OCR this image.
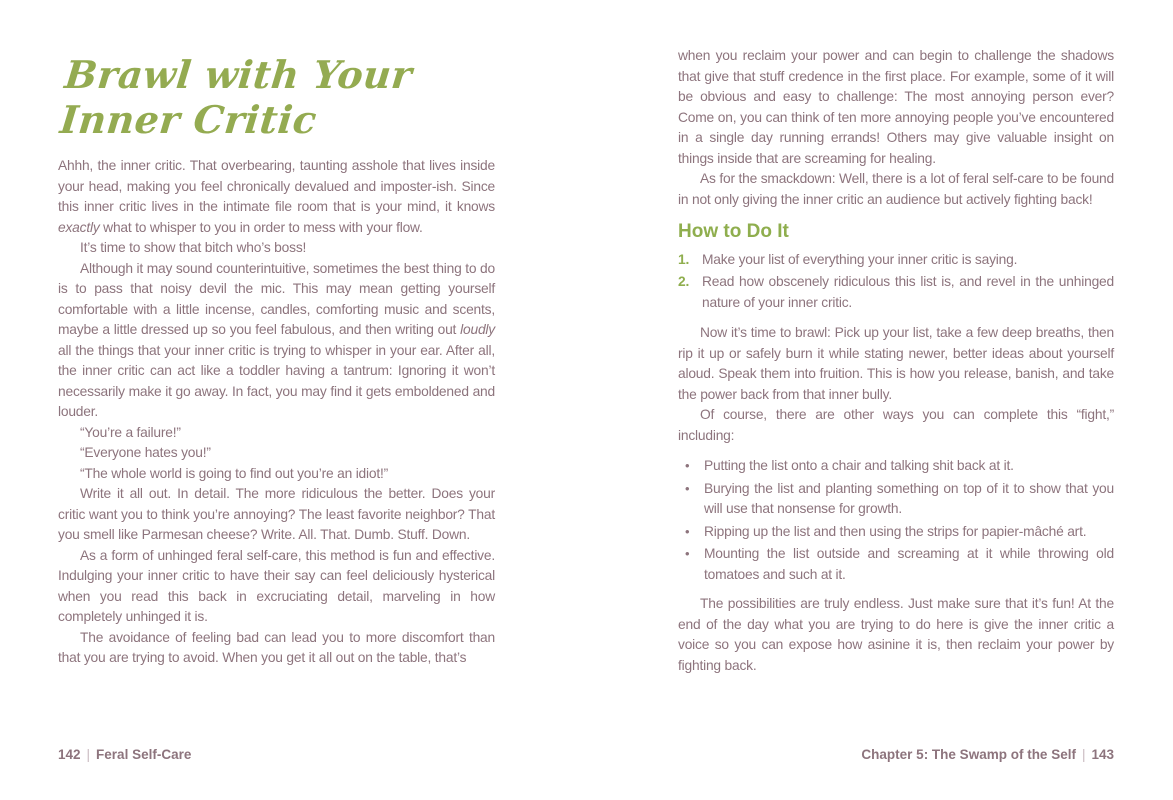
Brawl with Your
Inner Critic

Ahhh, the inner critic. That overbearing, taunting asshole that lives inside your head, making you feel chronically devalued and imposter-ish. Since this inner critic lives in the intimate file room that is your mind, it knows exactly what to whisper to you in order to mess with your flow.

It’s time to show that bitch who’s boss!

Although it may sound counterintuitive, sometimes the best thing to do is to pass that noisy devil the mic. This may mean getting yourself comfortable with a little incense, candles, comforting music and scents, maybe a little dressed up so you feel fabulous, and then writing out loudly all the things that your inner critic is trying to whisper in your ear. After all, the inner critic can act like a toddler having a tantrum: Ignoring it won’t necessarily make it go away. In fact, you may find it gets emboldened and louder.

“You’re a failure!”

“Everyone hates you!”

“The whole world is going to find out you’re an idiot!”

Write it all out. In detail. The more ridiculous the better. Does your critic want you to think you’re annoying? The least favorite neighbor? That you smell like Parmesan cheese? Write. All. That. Dumb. Stuff. Down.

As a form of unhinged feral self-care, this method is fun and effective. Indulging your inner critic to have their say can feel deliciously hysterical when you read this back in excruciating detail, marveling in how completely unhinged it is.

The avoidance of feeling bad can lead you to more discomfort than that you are trying to avoid. When you get it all out on the table, that’s

when you reclaim your power and can begin to challenge the shadows that give that stuff credence in the first place. For example, some of it will be obvious and easy to challenge: The most annoying person ever? Come on, you can think of ten more annoying people you’ve encountered in a single day running errands! Others may give valuable insight on things inside that are screaming for healing.

As for the smackdown: Well, there is a lot of feral self-care to be found in not only giving the inner critic an audience but actively fighting back!

How to Do It
1. Make your list of everything your inner critic is saying.
2. Read how obscenely ridiculous this list is, and revel in the unhinged nature of your inner critic.

Now it’s time to brawl: Pick up your list, take a few deep breaths, then rip it up or safely burn it while stating newer, better ideas about yourself aloud. Speak them into fruition. This is how you release, banish, and take the power back from that inner bully.

Of course, there are other ways you can complete this “fight,” including:

•	Putting the list onto a chair and talking shit back at it.
•	Burying the list and planting something on top of it to show that you will use that nonsense for growth.
•	Ripping up the list and then using the strips for papier-mâché art.
•	Mounting the list outside and screaming at it while throwing old tomatoes and such at it.

The possibilities are truly endless. Just make sure that it’s fun! At the end of the day what you are trying to do here is give the inner critic a voice so you can expose how asinine it is, then reclaim your power by fighting back.

142 | Feral Self-Care	Chapter 5: The Swamp of the Self | 143
